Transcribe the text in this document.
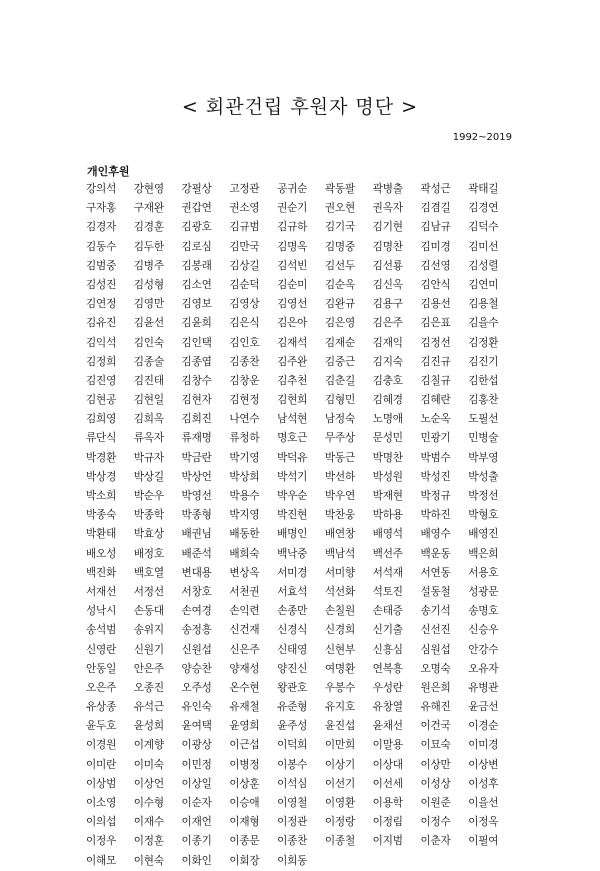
< 회관건립 후원자 명단 >
1992~2019
개인후원
강의석	강현영	강필상	고정관	공귀순	곽동팔	곽병출	곽성근	곽태길
구자홍	구재완	권갑연	권소영	권순기	권오현	권옥자	김겸길	김경연
김경자	김경훈	김광호	김규범	김규하	김기국	김기현	김남규	김덕수
김동수	김두한	김로심	김만국	김명옥	김명중	김명찬	김미경	김미선
김범중	김병주	김봉래	김상길	김석빈	김선두	김선룡	김선영	김성렬
김성진	김성형	김소연	김순덕	김순미	김순옥	김신옥	김안식	김연미
김연정	김영만	김영보	김영상	김영선	김완규	김용구	김용선	김용철
김유진	김윤선	김윤희	김은식	김은아	김은영	김은주	김은표	김을수
김익석	김인숙	김인택	김인호	김재석	김재순	김재익	김정선	김정환
김정희	김종술	김종엽	김종찬	김주완	김중근	김지숙	김진규	김진기
김진영	김진태	김창수	김창운	김추천	김춘길	김충호	김칠규	김한섭
김현공	김현일	김현자	김현정	김현희	김형민	김혜경	김혜란	김홍찬
김희영	김희옥	김희진	나연수	남석현	남정숙	노명애	노순옥	도필선
류단식	류옥자	류재명	류청하	명호근	무주상	문성민	민광기	민병술
박경환	박규자	박금란	박기영	박덕유	박동근	박명찬	박범수	박부영
박상경	박상길	박상언	박상희	박석기	박선하	박성원	박성진	박성출
박소희	박순우	박영선	박용수	박우순	박우연	박재현	박정규	박정선
박종숙	박종학	박종형	박지영	박진현	박찬웅	박하용	박하진	박형호
박환태	박효상	배권님	배동한	배명인	배연창	배영석	배영수	배영진
배오성	배정호	배준석	배희숙	백낙중	백남석	백선주	백운동	백은희
백진화	백호열	변대용	변상옥	서미경	서미향	서석재	서연동	서용호
서재선	서정선	서창호	서천권	서효석	석선화	석토진	설동철	성광문
성낙시	손동대	손여경	손익련	손종만	손칠원	손태증	송기석	송명호
송석범	송위지	송정흥	신건재	신경식	신경희	신기출	신선진	신승우
신영란	신원기	신원섭	신은주	신태영	신현부	신흥심	심원섭	안강수
안동일	안은주	양승찬	양재성	양진신	여명환	연복흥	오명숙	오유자
오은주	오종진	오주성	온수현	왕관호	우봉수	우성란	원은희	유병관
유상종	유석근	유인숙	유재철	유준형	유지호	유창열	유해진	윤금선
윤두호	윤성희	윤여택	윤영희	윤주성	윤진섭	윤채선	이건국	이경순
이경원	이계향	이광상	이근섭	이덕희	이만희	이말용	이묘숙	이미경
이미란	이미숙	이민정	이병정	이봉수	이상기	이상대	이상만	이상변
이상범	이상언	이상일	이상훈	이석심	이선기	이선세	이성상	이성후
이소영	이수형	이순자	이승애	이영철	이영환	이용학	이원준	이을선
이의섭	이재수	이재언	이재형	이정관	이정랑	이정림	이정수	이정옥
이정우	이정훈	이종기	이종문	이종찬	이종철	이지범	이춘자	이필여
이해모	이현숙	이화인	이회장	이희동
